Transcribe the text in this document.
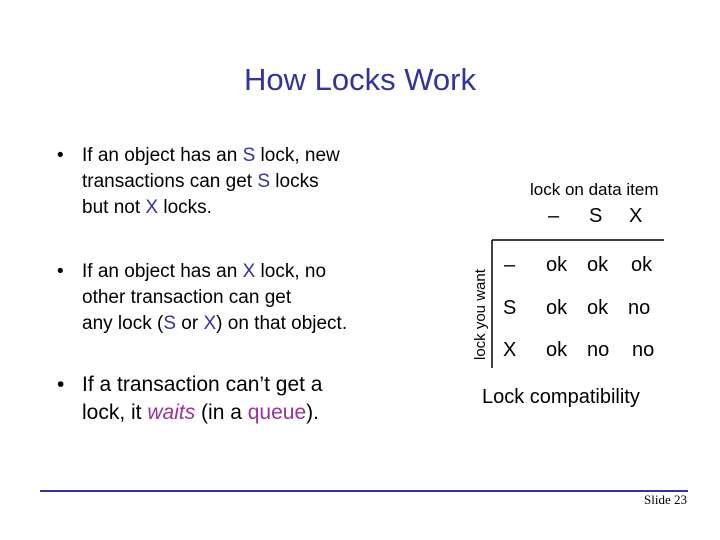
How Locks Work
• If an object has an S lock, new
transactions can get S locks
but not X locks.
• If an object has an X lock, no
other transaction can get
any lock (S or X) on that object.
• If a transaction can’t get a
lock, it waits (in a queue).
lock on data item
lock you want
– S X
– ok ok ok
S ok ok no
X ok no no
Lock compatibility
Slide 23
